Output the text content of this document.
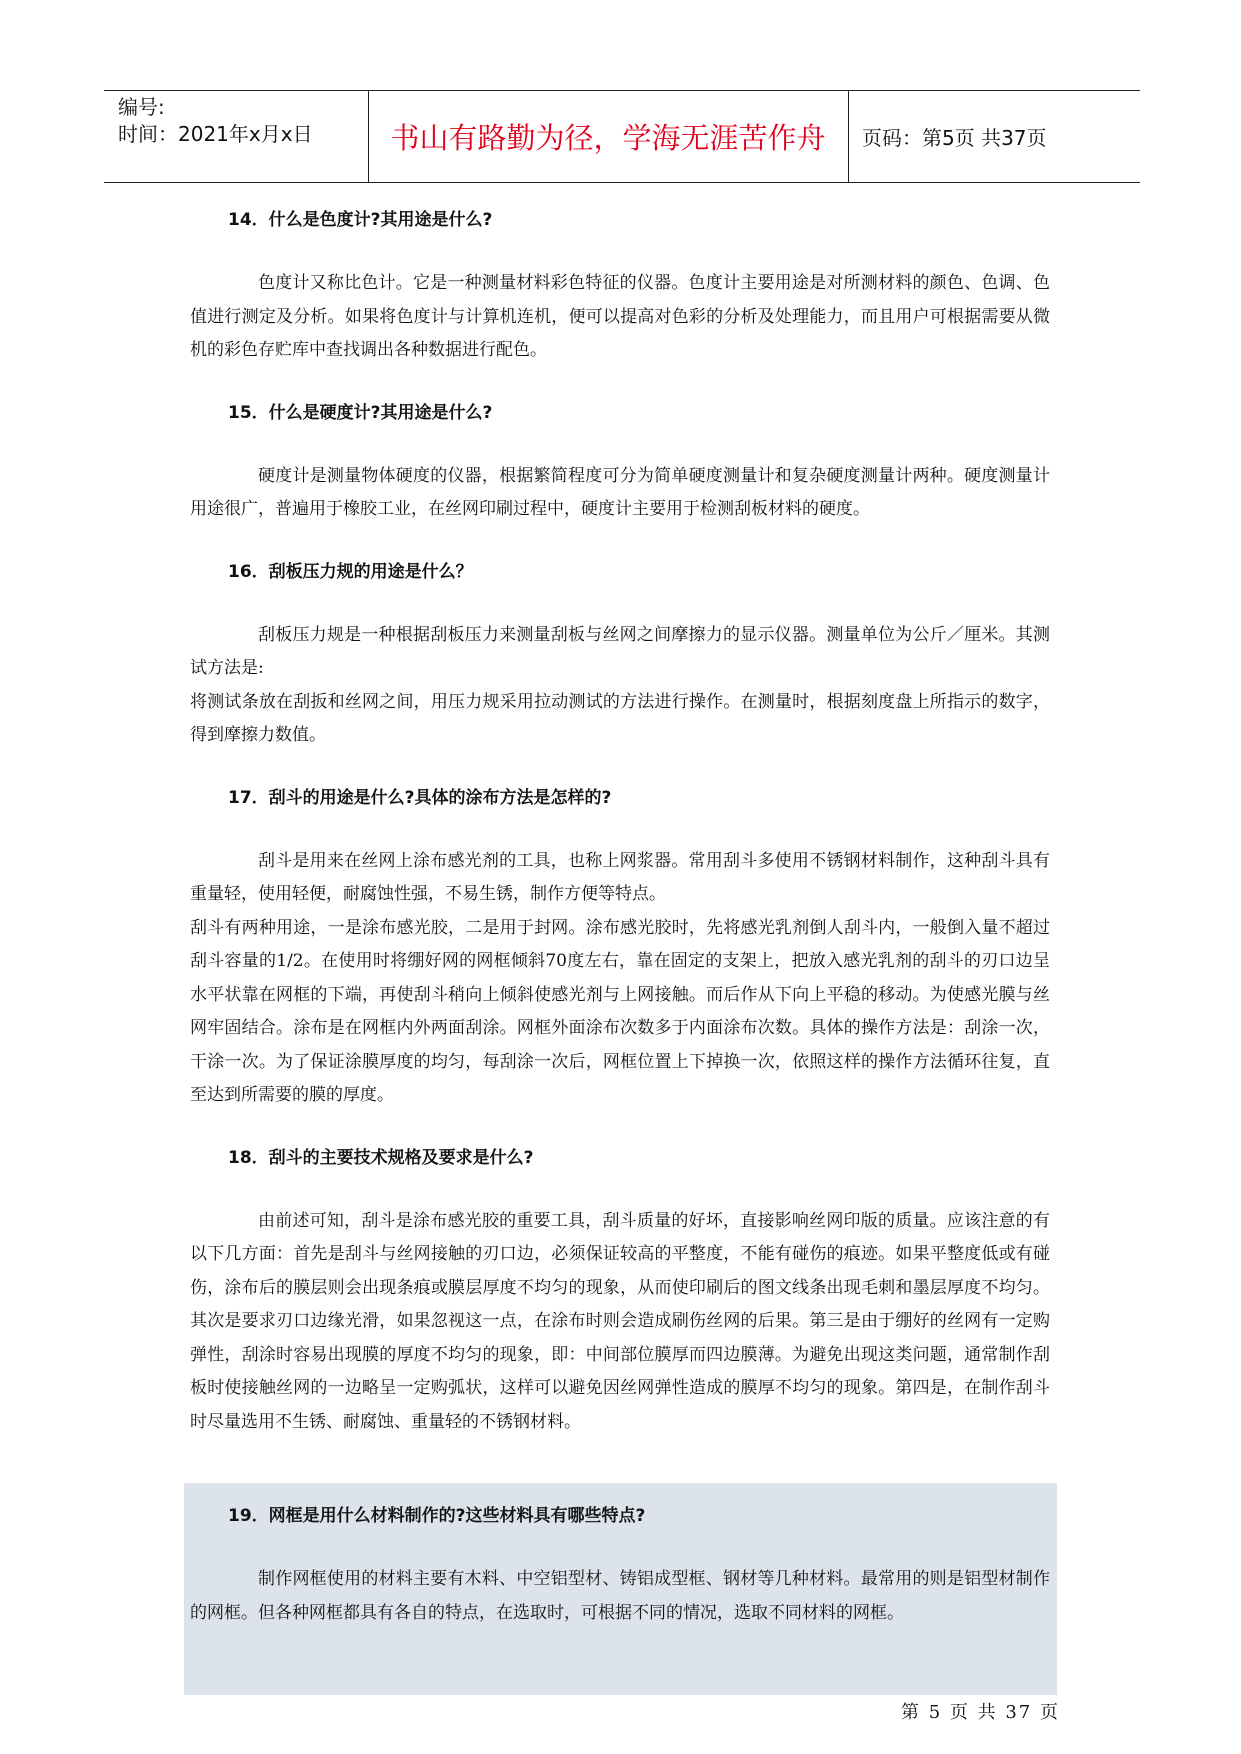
编号:
时间：2021年x月x日	书山有路勤为径，学海无涯苦作舟	页码：第5页 共37页
14．什么是色度计?其用途是什么?

色度计又称比色计。它是一种测量材料彩色特征的仪器。色度计主要用途是对所测材料的颜色、色调、色值进行测定及分析。如果将色度计与计算机连机，便可以提高对色彩的分析及处理能力，而且用户可根据需要从微机的彩色存贮库中查找调出各种数据进行配色。

15．什么是硬度计?其用途是什么?

硬度计是测量物体硬度的仪器，根据繁简程度可分为简单硬度测量计和复杂硬度测量计两种。硬度测量计用途很广，普遍用于橡胶工业，在丝网印刷过程中，硬度计主要用于检测刮板材料的硬度。

16．刮板压力规的用途是什么？

刮板压力规是一种根据刮板压力来测量刮板与丝网之间摩擦力的显示仪器。测量单位为公斤／厘米。其测试方法是:

将测试条放在刮扳和丝网之间，用压力规采用拉动测试的方法进行操作。在测量时，根据刻度盘上所指示的数字，得到摩擦力数值。

17．刮斗的用途是什么?具体的涂布方法是怎样的?

刮斗是用来在丝网上涂布感光剂的工具，也称上网浆器。常用刮斗多使用不锈钢材料制作，这种刮斗具有重量轻，使用轻便，耐腐蚀性强，不易生锈，制作方便等特点。

刮斗有两种用途，一是涂布感光胶，二是用于封网。涂布感光胶时，先将感光乳剂倒人刮斗内，一般倒入量不超过刮斗容量的1/2。在使用时将绷好网的网框倾斜70度左右，靠在固定的支架上，把放入感光乳剂的刮斗的刃口边呈水平状靠在网框的下端，再使刮斗稍向上倾斜使感光剂与上网接触。而后作从下向上平稳的移动。为使感光膜与丝网牢固结合。涂布是在网框内外两面刮涂。网框外面涂布次数多于内面涂布次数。具体的操作方法是：刮涂一次，干涂一次。为了保证涂膜厚度的均匀，每刮涂一次后，网框位置上下掉换一次，依照这样的操作方法循环往复，直至达到所需要的膜的厚度。

18．刮斗的主要技术规格及要求是什么?

由前述可知，刮斗是涂布感光胶的重要工具，刮斗质量的好坏，直接影响丝网印版的质量。应该注意的有以下几方面：首先是刮斗与丝网接触的刃口边，必须保证较高的平整度，不能有碰伤的痕迹。如果平整度低或有碰伤，涂布后的膜层则会出现条痕或膜层厚度不均匀的现象，从而使印刷后的图文线条出现毛刺和墨层厚度不均匀。其次是要求刃口边缘光滑，如果忽视这一点，在涂布时则会造成刷伤丝网的后果。第三是由于绷好的丝网有一定购弹性，刮涂时容易出现膜的厚度不均匀的现象，即：中间部位膜厚而四边膜薄。为避免出现这类问题，通常制作刮板时使接触丝网的一边略呈一定购弧状，这样可以避免因丝网弹性造成的膜厚不均匀的现象。第四是，在制作刮斗时尽量选用不生锈、耐腐蚀、重量轻的不锈钢材料。

19．网框是用什么材料制作的?这些材料具有哪些特点?

制作网框使用的材料主要有木料、中空铝型材、铸铝成型框、钢材等几种材料。最常用的则是铝型材制作的网框。但各种网框都具有各自的特点，在选取时，可根据不同的情况，选取不同材料的网框。

第 5 页 共 37 页
